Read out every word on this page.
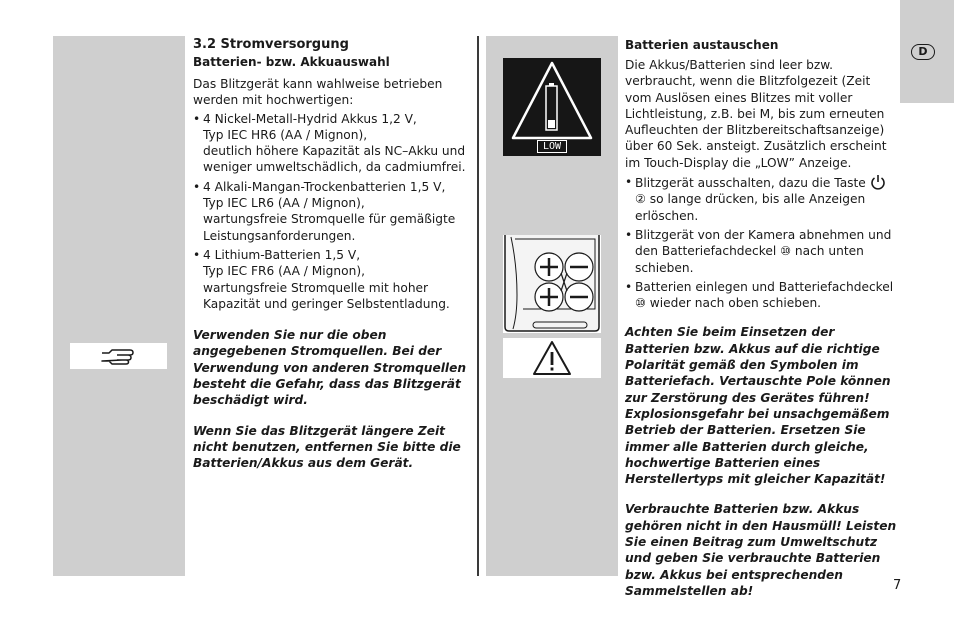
D
LOW
3.2 Stromversorgung
Batterien- bzw. Akkuauswahl

Das Blitzgerät kann wahlweise betrieben werden mit hochwertigen:

• 4 Nickel-Metall-Hydrid Akkus 1,2 V,
Typ IEC HR6 (AA / Mignon),
deutlich höhere Kapazität als NC–Akku und weniger umweltschädlich, da cadmiumfrei.
• 4 Alkali-Mangan-Trockenbatterien 1,5 V,
Typ IEC LR6 (AA / Mignon),
wartungsfreie Stromquelle für gemäßigte Leistungsanforderungen.
• 4 Lithium-Batterien 1,5 V,
Typ IEC FR6 (AA / Mignon),
wartungsfreie Stromquelle mit hoher Kapazität und geringer Selbstentladung.

Verwenden Sie nur die oben angegebenen Stromquellen. Bei der Verwendung von anderen Stromquellen besteht die Gefahr, dass das Blitzgerät beschädigt wird.

Wenn Sie das Blitzgerät längere Zeit nicht benutzen, entfernen Sie bitte die Batterien/Akkus aus dem Gerät.

Batterien austauschen

Die Akkus/Batterien sind leer bzw. verbraucht, wenn die Blitzfolgezeit (Zeit vom Auslösen eines Blitzes mit voller Lichtleistung, z.B. bei M, bis zum erneuten Aufleuchten der Blitzbereitschaftsanzeige) über 60 Sek. ansteigt. Zusätzlich erscheint im Touch-Display die „LOW” Anzeige.

• Blitzgerät ausschalten, dazu die Taste
② so lange drücken, bis alle Anzeigen erlöschen.
• Blitzgerät von der Kamera abnehmen und den Batteriefachdeckel ⑩ nach unten schieben.
• Batterien einlegen und Batteriefachdeckel ⑩ wieder nach oben schieben.

Achten Sie beim Einsetzen der Batterien bzw. Akkus auf die richtige Polarität gemäß den Symbolen im Batteriefach. Vertauschte Pole können zur Zerstörung des Gerätes führen! Explosionsgefahr bei unsachgemäßem Betrieb der Batterien. Ersetzen Sie immer alle Batterien durch gleiche, hochwertige Batterien eines Herstellertyps mit gleicher Kapazität!

Verbrauchte Batterien bzw. Akkus gehören nicht in den Hausmüll! Leisten Sie einen Beitrag zum Umweltschutz und geben Sie verbrauchte Batterien bzw. Akkus bei entsprechenden Sammelstellen ab!	7
